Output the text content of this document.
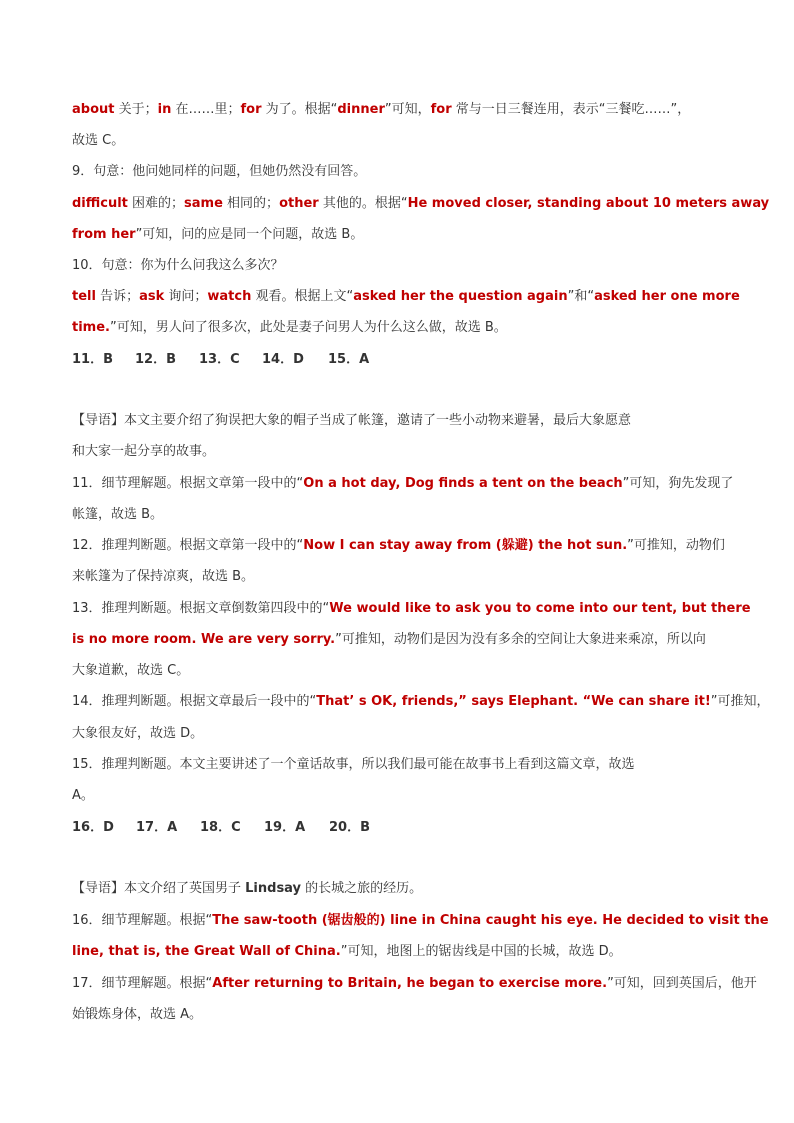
about 关于；in 在……里；for 为了。根据“dinner”可知，for 常与一日三餐连用，表示“三餐吃……”，
故选 C。
9．句意：他问她同样的问题，但她仍然没有回答。
difficult 困难的；same 相同的；other 其他的。根据“He moved closer, standing about 10 meters away
from her”可知，问的应是同一个问题，故选 B。
10．句意：你为什么问我这么多次？
tell 告诉；ask 询问；watch 观看。根据上文“asked her the question again”和“asked her one more
time.”可知，男人问了很多次，此处是妻子问男人为什么这么做，故选 B。
11．B 12．B 13．C 14．D 15．A
【导语】本文主要介绍了狗误把大象的帽子当成了帐篷，邀请了一些小动物来避暑，最后大象愿意
和大家一起分享的故事。
11．细节理解题。根据文章第一段中的“On a hot day, Dog finds a tent on the beach”可知，狗先发现了
帐篷，故选 B。
12．推理判断题。根据文章第一段中的“Now I can stay away from (躲避) the hot sun.”可推知，动物们
来帐篷为了保持凉爽，故选 B。
13．推理判断题。根据文章倒数第四段中的“We would like to ask you to come into our tent, but there
is no more room. We are very sorry.”可推知，动物们是因为没有多余的空间让大象进来乘凉，所以向
大象道歉，故选 C。
14．推理判断题。根据文章最后一段中的“That’ s OK, friends,” says Elephant. “We can share it!”可推知，
大象很友好，故选 D。
15．推理判断题。本文主要讲述了一个童话故事，所以我们最可能在故事书上看到这篇文章，故选
A。
16．D 17．A 18．C 19．A 20．B
【导语】本文介绍了英国男子 Lindsay 的长城之旅的经历。
16．细节理解题。根据“The saw-tooth (锯齿般的) line in China caught his eye. He decided to visit the
line, that is, the Great Wall of China.”可知，地图上的锯齿线是中国的长城，故选 D。
17．细节理解题。根据“After returning to Britain, he began to exercise more.”可知，回到英国后，他开
始锻炼身体，故选 A。
